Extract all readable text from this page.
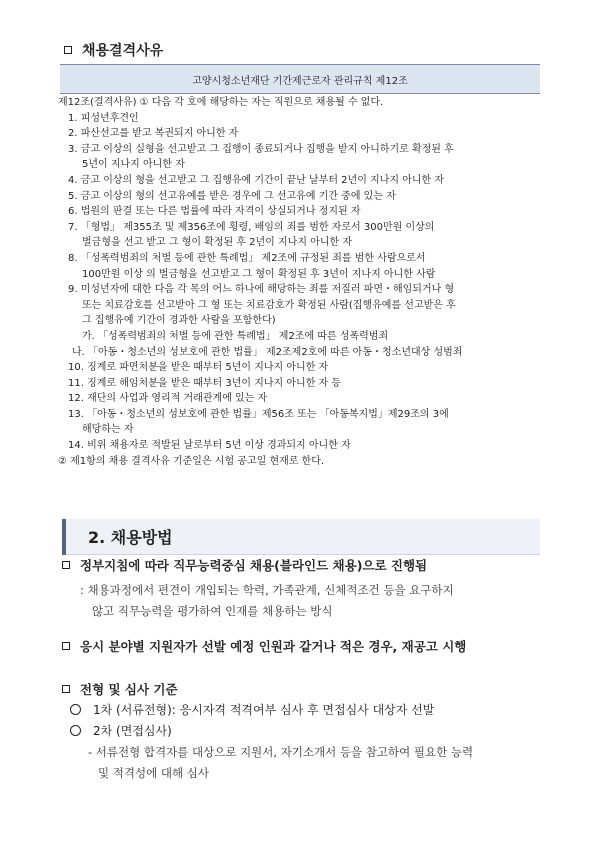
채용결격사유
고양시청소년재단 기간제근로자 관리규칙 제12조
제12조(결격사유) ① 다음 각 호에 해당하는 자는 직원으로 채용될 수 없다.
1. 피성년후견인
2. 파산선고를 받고 복권되지 아니한 자
3. 금고 이상의 실형을 선고받고 그 집행이 종료되거나 집행을 받지 아니하기로 확정된 후
5년이 지나지 아니한 자
4. 금고 이상의 형을 선고받고 그 집행유예 기간이 끝난 날부터 2년이 지나지 아니한 자
5. 금고 이상의 형의 선고유예를 받은 경우에 그 선고유예 기간 중에 있는 자
6. 법원의 판결 또는 다른 법률에 따라 자격이 상실되거나 정지된 자
7. 「형법」 제355조 및 제356조에 횡령, 배임의 죄를 범한 자로서 300만원 이상의
벌금형을 선고 받고 그 형이 확정된 후 2년이 지나지 아니한 자
8. 「성폭력범죄의 처벌 등에 관한 특례법」 제2조에 규정된 죄를 범한 사람으로서
100만원 이상 의 벌금형을 선고받고 그 형이 확정된 후 3년이 지나지 아니한 사람
9. 미성년자에 대한 다음 각 목의 어느 하나에 해당하는 죄를 저질러 파면・해임되거나 형
또는 치료감호를 선고받아 그 형 또는 치료감호가 확정된 사람(집행유예를 선고받은 후
그 집행유예 기간이 경과한 사람을 포함한다)
가. 「성폭력범죄의 처벌 등에 관한 특례법」 제2조에 따른 성폭력범죄
나. 「아동・청소년의 성보호에 관한 법률」 제2조제2호에 따른 아동・청소년대상 성범죄
10. 징계로 파면처분을 받은 때부터 5년이 지나지 아니한 자
11. 징계로 해임처분을 받은 때부터 3년이 지나지 아니한 자 등
12. 재단의 사업과 영리적 거래관계에 있는 자
13. 「아동・청소년의 성보호에 관한 법률」제56조 또는 「아동복지법」제29조의 3에
해당하는 자
14. 비위 채용자로 적발된 날로부터 5년 이상 경과되지 아니한 자
② 제1항의 채용 결격사유 기준일은 시험 공고일 현재로 한다.
2. 채용방법
정부지침에 따라 직무능력중심 채용(블라인드 채용)으로 진행됨
: 채용과정에서 편견이 개입되는 학력, 가족관계, 신체적조건 등을 요구하지
않고 직무능력을 평가하여 인재를 채용하는 방식
응시 분야별 지원자가 선발 예정 인원과 같거나 적은 경우, 재공고 시행
전형 및 심사 기준
1차 (서류전형): 응시자격 적격여부 심사 후 면접심사 대상자 선발
2차 (면접심사)
- 서류전형 합격자를 대상으로 지원서, 자기소개서 등을 참고하여 필요한 능력
및 적격성에 대해 심사
